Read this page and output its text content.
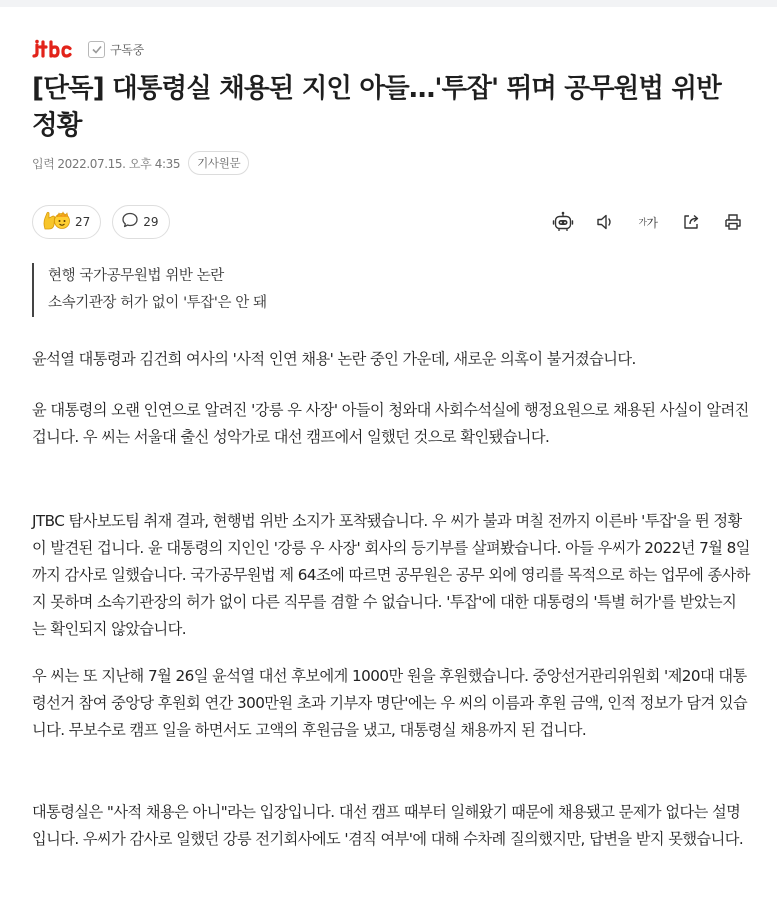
구독중
[단독] 대통령실 채용된 지인 아들…'투잡' 뛰며 공무원법 위반 정황
입력 2022.07.15. 오후 4:35	기사원문
27	29	가 가
현행 국가공무원법 위반 논란
소속기관장 허가 없이 '투잡'은 안 돼

윤석열 대통령과 김건희 여사의 '사적 인연 채용' 논란 중인 가운데, 새로운 의혹이 불거졌습니다.

윤 대통령의 오랜 인연으로 알려진 '강릉 우 사장' 아들이 청와대 사회수석실에 행정요원으로 채용된 사실이 알려진 겁니다. 우 씨는 서울대 출신 성악가로 대선 캠프에서 일했던 것으로 확인됐습니다.

JTBC 탐사보도팀 취재 결과, 현행법 위반 소지가 포착됐습니다. 우 씨가 불과 며칠 전까지 이른바 '투잡'을 뛴 정황이 발견된 겁니다. 윤 대통령의 지인인 '강릉 우 사장' 회사의 등기부를 살펴봤습니다. 아들 우씨가 2022년 7월 8일까지 감사로 일했습니다. 국가공무원법 제 64조에 따르면 공무원은 공무 외에 영리를 목적으로 하는 업무에 종사하지 못하며 소속기관장의 허가 없이 다른 직무를 겸할 수 없습니다. '투잡'에 대한 대통령의 '특별 허가'를 받았는지는 확인되지 않았습니다.

우 씨는 또 지난해 7월 26일 윤석열 대선 후보에게 1000만 원을 후원했습니다. 중앙선거관리위원회 '제20대 대통령선거 참여 중앙당 후원회 연간 300만원 초과 기부자 명단'에는 우 씨의 이름과 후원 금액, 인적 정보가 담겨 있습니다. 무보수로 캠프 일을 하면서도 고액의 후원금을 냈고, 대통령실 채용까지 된 겁니다.

대통령실은 "사적 채용은 아니"라는 입장입니다. 대선 캠프 때부터 일해왔기 때문에 채용됐고 문제가 없다는 설명입니다. 우씨가 감사로 일했던 강릉 전기회사에도 '겸직 여부'에 대해 수차례 질의했지만, 답변을 받지 못했습니다.
